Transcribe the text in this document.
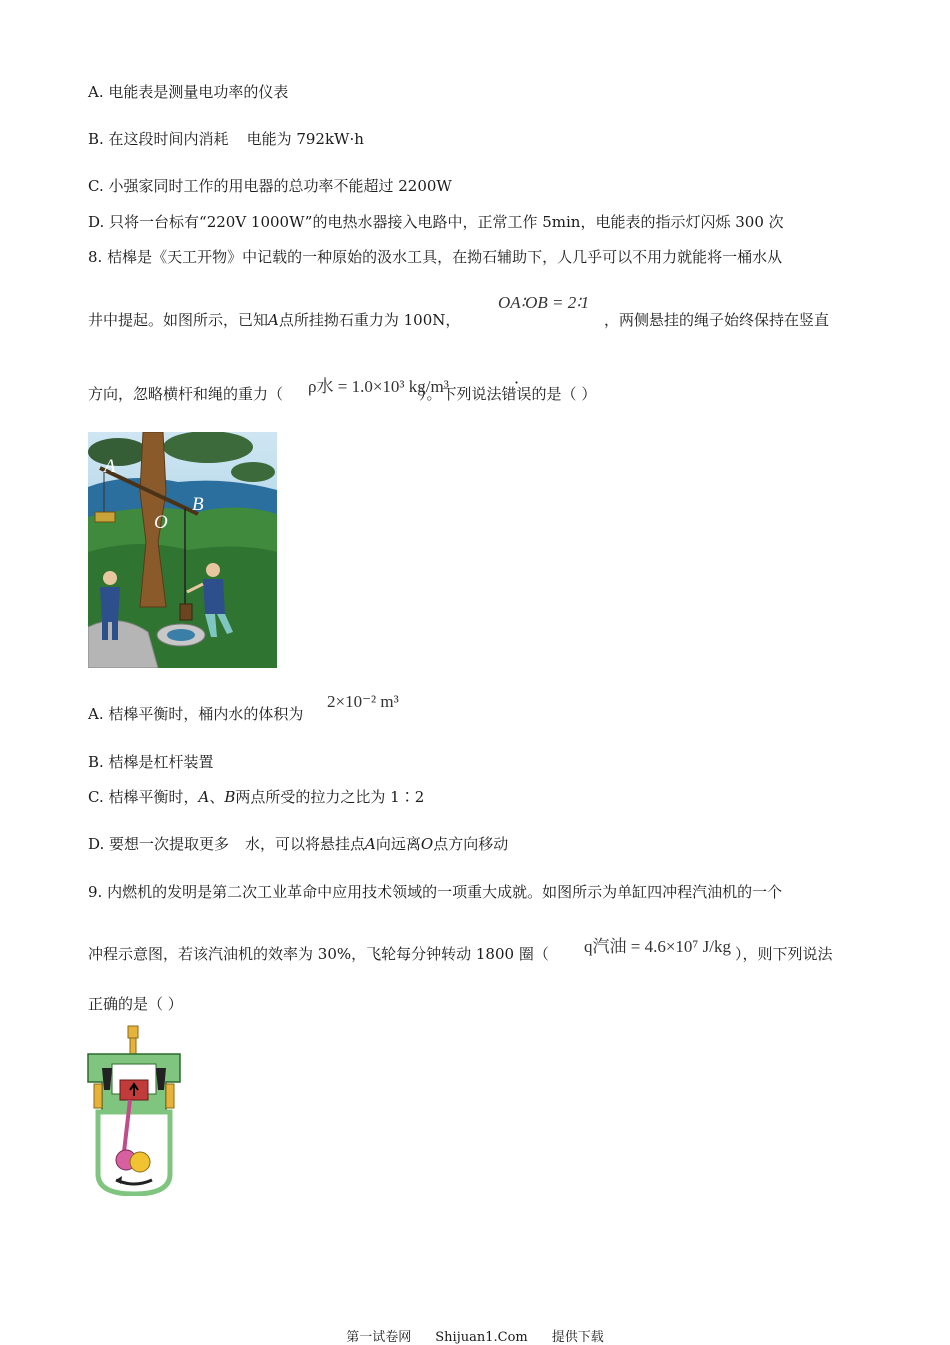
A. 电能表是测量电功率的仪表
B. 在这段时间内消耗 电能为 792kW·h
C. 小强家同时工作的用电器的总功率不能超过 2200W
D. 只将一台标有“220V 1000W”的电热水器接入电路中，正常工作 5min，电能表的指示灯闪烁 300 次
8. 桔槔是《天工开物》中记载的一种原始的汲水工具，在拗石辅助下，人几乎可以不用力就能将一桶水从
井中提起。如图所示，已知A点所挂拗石重力为 100N，
OA∶OB = 2∶1
，两侧悬挂的绳子始终保持在竖直
方向，忽略横杆和绳的重力（	）。下列说法错误的是（ ）
ρ水 = 1.0×10³ kg/m³
A
B
O
A. 桔槔平衡时，桶内水的体积为
2×10⁻² m³
B. 桔槔是杠杆装置
C. 桔槔平衡时，A、B两点所受的拉力之比为 1∶2
D. 要想一次提取更多 水，可以将悬挂点A向远离O点方向移动
9. 内燃机的发明是第二次工业革命中应用技术领域的一项重大成就。如图所示为单缸四冲程汽油机的一个
冲程示意图，若该汽油机的效率为 30%，飞轮每分钟转动 1800 圈（ q汽油 = 4.6×10⁷ J/kg ），则下列说法
正确的是（ ）
第一试卷网 Shijuan1.Com 提供下载
